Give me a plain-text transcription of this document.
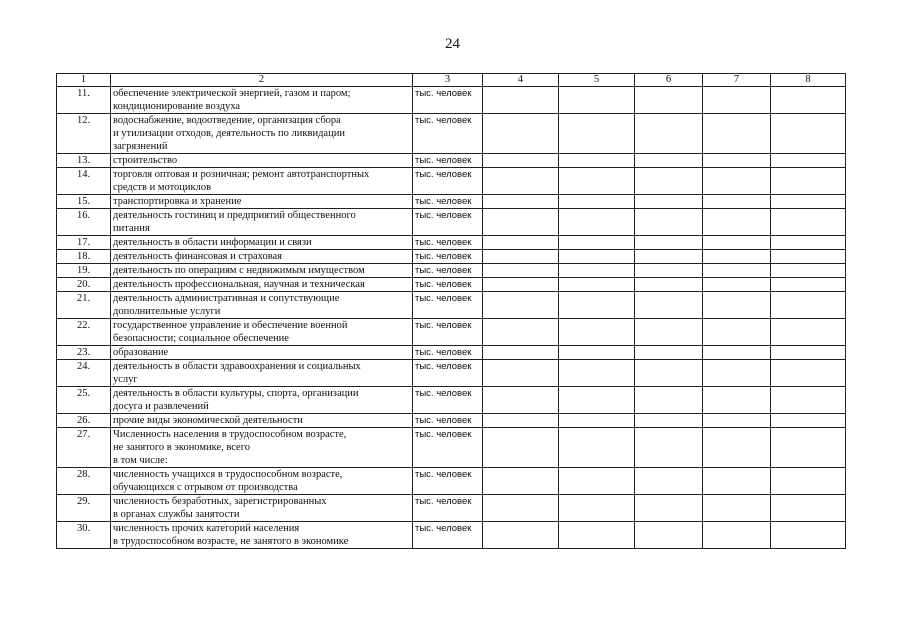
24
1	2	3	4	5	6	7	8
11.	обеспечение электрической энергией, газом и паром;
кондиционирование воздуха	тыс. человек					
12.	водоснабжение, водоотведение, организация сбора
и утилизации отходов, деятельность по ликвидации
загрязнений	тыс. человек					
13.	строительство	тыс. человек					
14.	торговля оптовая и розничная; ремонт автотранспортных
средств и мотоциклов	тыс. человек					
15.	транспортировка и хранение	тыс. человек					
16.	деятельность гостиниц и предприятий общественного
питания	тыс. человек					
17.	деятельность в области информации и связи	тыс. человек					
18.	деятельность финансовая и страховая	тыс. человек					
19.	деятельность по операциям с недвижимым имуществом	тыс. человек					
20.	деятельность профессиональная, научная и техническая	тыс. человек					
21.	деятельность административная и сопутствующие
дополнительные услуги	тыс. человек					
22.	государственное управление и обеспечение военной
безопасности; социальное обеспечение	тыс. человек					
23.	образование	тыс. человек					
24.	деятельность в области здравоохранения и социальных
услуг	тыс. человек					
25.	деятельность в области культуры, спорта, организации
досуга и развлечений	тыс. человек					
26.	прочие виды экономической деятельности	тыс. человек					
27.	Численность населения в трудоспособном возрасте,
не занятого в экономике, всего
в том числе:	тыс. человек					
28.	численность учащихся в трудоспособном возрасте,
обучающихся с отрывом от производства	тыс. человек					
29.	численность безработных, зарегистрированных
в органах службы занятости	тыс. человек					
30.	численность прочих категорий населения
в трудоспособном возрасте, не занятого в экономике	тыс. человек					
